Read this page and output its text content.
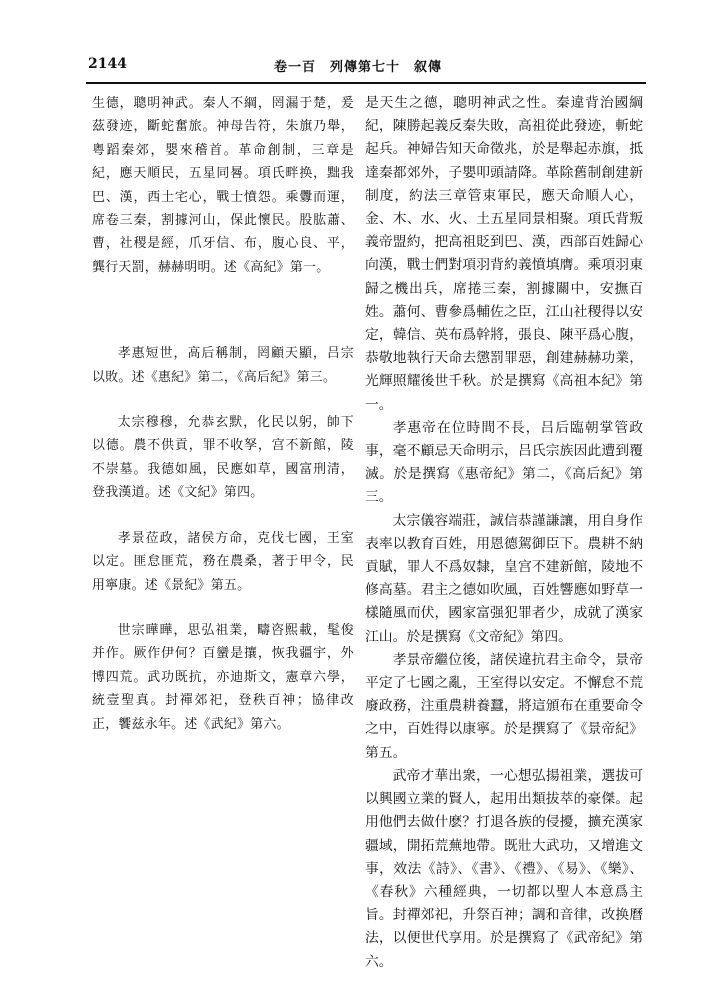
2144	卷一百　列傳第七十　叙傳

生德，聰明神武。秦人不綱，罔漏于楚，爰茲發迹，斷蛇奮旅。神母告符，朱旗乃舉，粤蹈秦郊，嬰來稽首。革命創制，三章是紀，應天順民，五星同晷。項氏畔换，黜我巴、漢，西土宅心，戰士憤怨。乘釁而運，席卷三秦，割據河山，保此懷民。股肱蕭、曹，社稷是經，爪牙信、布，腹心良、平，龔行天罰，赫赫明明。述《高紀》第一。

孝惠短世，高后稱制，罔顧天顯，吕宗以敗。述《惠紀》第二，《高后紀》第三。

太宗穆穆，允恭玄默，化民以躬，帥下以德。農不供貢，罪不收孥，宫不新館，陵不崇墓。我德如風，民應如草，國富刑清，登我漢道。述《文紀》第四。

孝景莅政，諸侯方命，克伐七國，王室以定。匪怠匪荒，務在農桑，著于甲令，民用寧康。述《景紀》第五。

世宗曄曄，思弘祖業，疇咨熙載，髦俊并作。厥作伊何？百蠻是攘，恢我疆宇，外博四荒。武功既抗，亦迪斯文，憲章六學，統壹聖真。封禪郊祀，登秩百神；協律改正，饗兹永年。述《武紀》第六。

是天生之德，聰明神武之性。秦違背治國綱紀，陳勝起義反秦失敗，高祖從此發迹，斬蛇起兵。神婦告知天命徵兆，於是舉起赤旗，抵達秦都郊外，子嬰叩頭請降。革除舊制創建新制度，約法三章管束軍民，應天命順人心，金、木、水、火、土五星同景相聚。項氏背叛義帝盟約，把高祖貶到巴、漢，西部百姓歸心向漢，戰士們對項羽背約義憤填膺。乘項羽東歸之機出兵，席捲三秦，割據關中，安撫百姓。蕭何、曹參爲輔佐之臣，江山社稷得以安定，韓信、英布爲幹將，張良、陳平爲心腹，恭敬地執行天命去懲罰罪惡，創建赫赫功業，光輝照耀後世千秋。於是撰寫《高祖本紀》第一。

孝惠帝在位時間不長，吕后臨朝掌管政事，毫不顧忌天命明示，吕氏宗族因此遭到覆滅。於是撰寫《惠帝紀》第二，《高后紀》第三。

太宗儀容端莊，誠信恭謹謙讓，用自身作表率以教育百姓，用恩德駕御臣下。農耕不納貢賦，罪人不爲奴隸，皇宫不建新館，陵地不修高墓。君主之德如吹風，百姓響應如野草一樣隨風而伏，國家富强犯罪者少，成就了漢家江山。於是撰寫《文帝紀》第四。

孝景帝繼位後，諸侯違抗君主命令，景帝平定了七國之亂，王室得以安定。不懈怠不荒廢政務，注重農耕養蠶，將這頒布在重要命令之中，百姓得以康寧。於是撰寫了《景帝紀》第五。

武帝才華出衆，一心想弘揚祖業，選拔可以興國立業的賢人，起用出類拔萃的豪傑。起用他們去做什麽？打退各族的侵擾，擴充漢家疆域，開拓荒蕪地帶。既壯大武功，又增進文事，效法《詩》、《書》、《禮》、《易》、《樂》、《春秋》六種經典，一切都以聖人本意爲主旨。封禪郊祀，升祭百神；調和音律，改换曆法，以便世代享用。於是撰寫了《武帝紀》第六。
